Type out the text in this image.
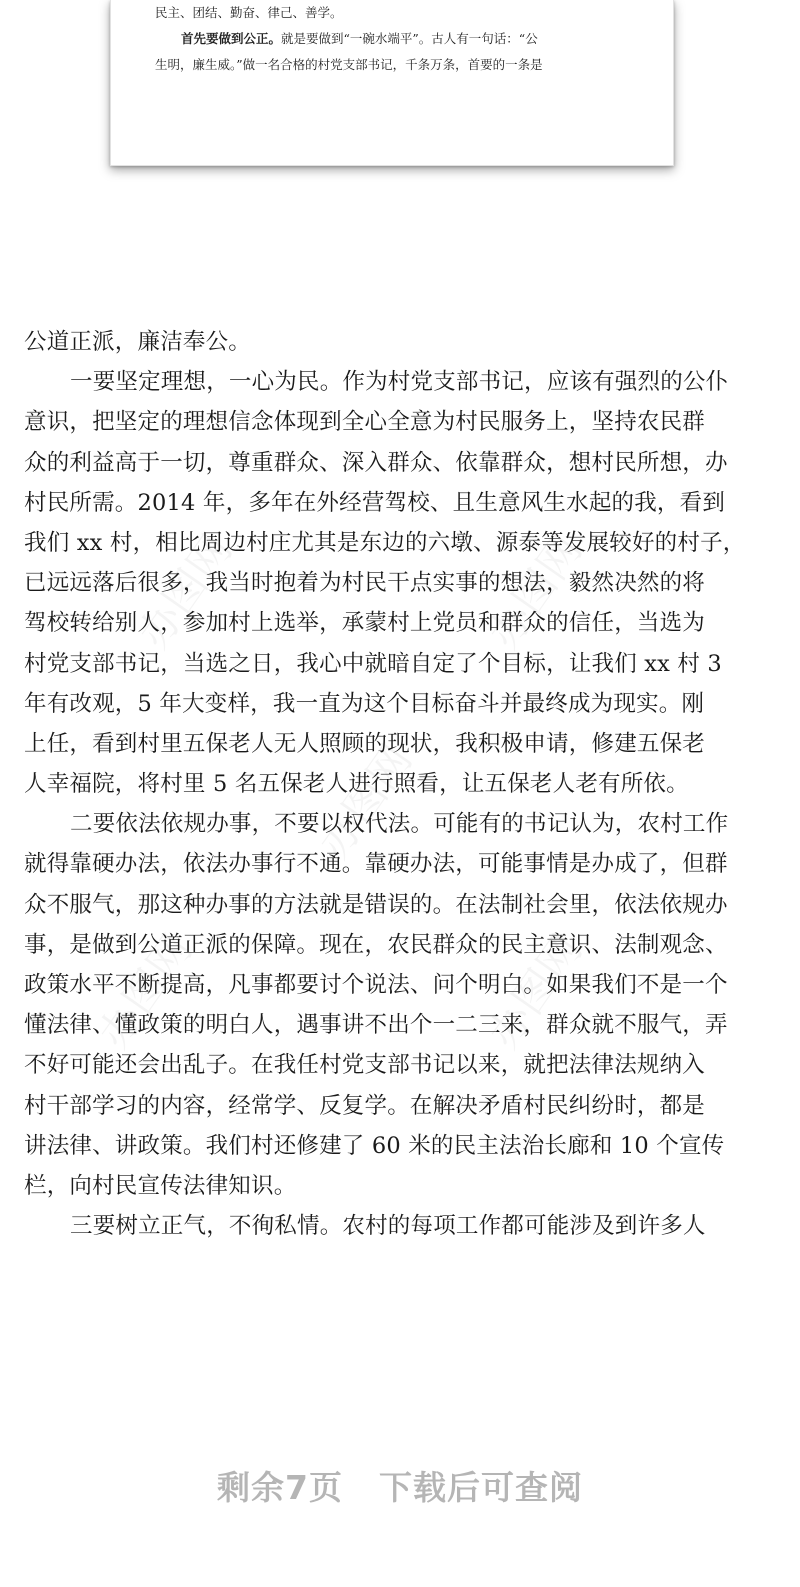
民主、团结、勤奋、律己、善学。
首先要做到公正。就是要做到“一碗水端平”。古人有一句话：“公
生明，廉生威。”做一名合格的村党支部书记，千条万条，首要的一条是
公道正派，廉洁奉公。
一要坚定理想，一心为民。作为村党支部书记，应该有强烈的公仆
意识，把坚定的理想信念体现到全心全意为村民服务上，坚持农民群
众的利益高于一切，尊重群众、深入群众、依靠群众，想村民所想，办
村民所需。2014 年，多年在外经营驾校、且生意风生水起的我，看到
我们 xx 村，相比周边村庄尤其是东边的六墩、源泰等发展较好的村子，
已远远落后很多，我当时抱着为村民干点实事的想法，毅然决然的将
驾校转给别人，参加村上选举，承蒙村上党员和群众的信任，当选为
村党支部书记，当选之日，我心中就暗自定了个目标，让我们 xx 村 3
年有改观，5 年大变样，我一直为这个目标奋斗并最终成为现实。刚
上任，看到村里五保老人无人照顾的现状，我积极申请，修建五保老
人幸福院，将村里 5 名五保老人进行照看，让五保老人老有所依。
二要依法依规办事，不要以权代法。可能有的书记认为，农村工作
就得靠硬办法，依法办事行不通。靠硬办法，可能事情是办成了，但群
众不服气，那这种办事的方法就是错误的。在法制社会里，依法依规办
事，是做到公道正派的保障。现在，农民群众的民主意识、法制观念、
政策水平不断提高，凡事都要讨个说法、问个明白。如果我们不是一个
懂法律、懂政策的明白人，遇事讲不出个一二三来，群众就不服气，弄
不好可能还会出乱子。在我任村党支部书记以来，就把法律法规纳入
村干部学习的内容，经常学、反复学。在解决矛盾村民纠纷时，都是
讲法律、讲政策。我们村还修建了 60 米的民主法治长廊和 10 个宣传
栏，向村民宣传法律知识。
三要树立正气，不徇私情。农村的每项工作都可能涉及到许多人
剩余7页 下载后可查阅
